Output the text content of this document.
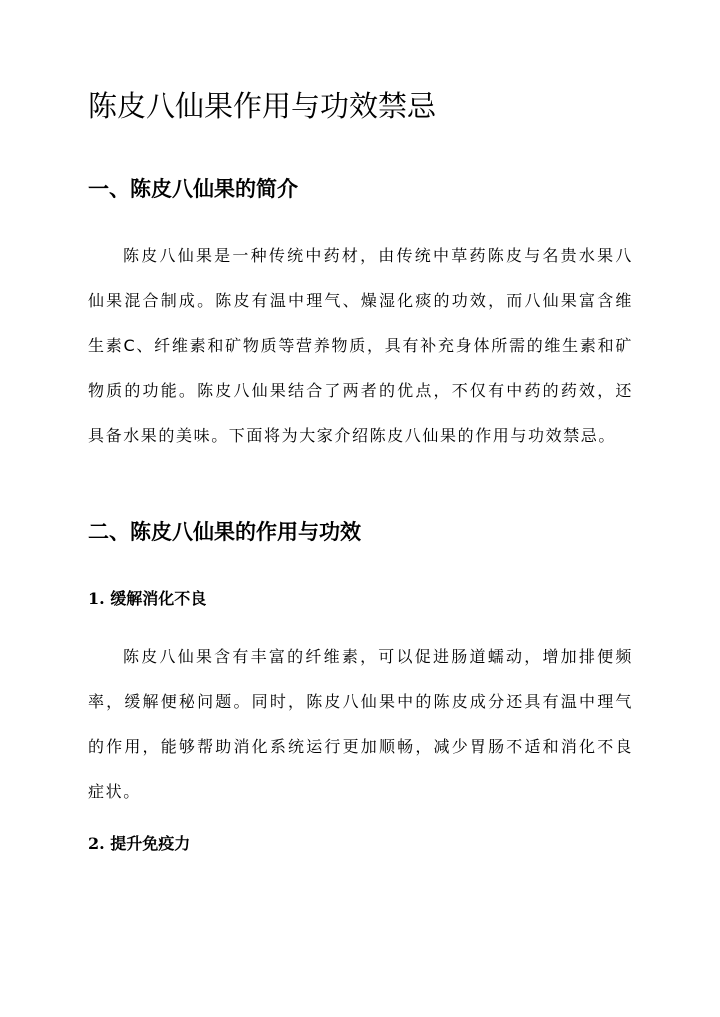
陈皮八仙果作用与功效禁忌
一、陈皮八仙果的简介

陈皮八仙果是一种传统中药材，由传统中草药陈皮与名贵水果八仙果混合制成。陈皮有温中理气、燥湿化痰的功效，而八仙果富含维生素C、纤维素和矿物质等营养物质，具有补充身体所需的维生素和矿物质的功能。陈皮八仙果结合了两者的优点，不仅有中药的药效，还具备水果的美味。下面将为大家介绍陈皮八仙果的作用与功效禁忌。

二、陈皮八仙果的作用与功效
1. 缓解消化不良

陈皮八仙果含有丰富的纤维素，可以促进肠道蠕动，增加排便频率，缓解便秘问题。同时，陈皮八仙果中的陈皮成分还具有温中理气的作用，能够帮助消化系统运行更加顺畅，减少胃肠不适和消化不良症状。

2. 提升免疫力
